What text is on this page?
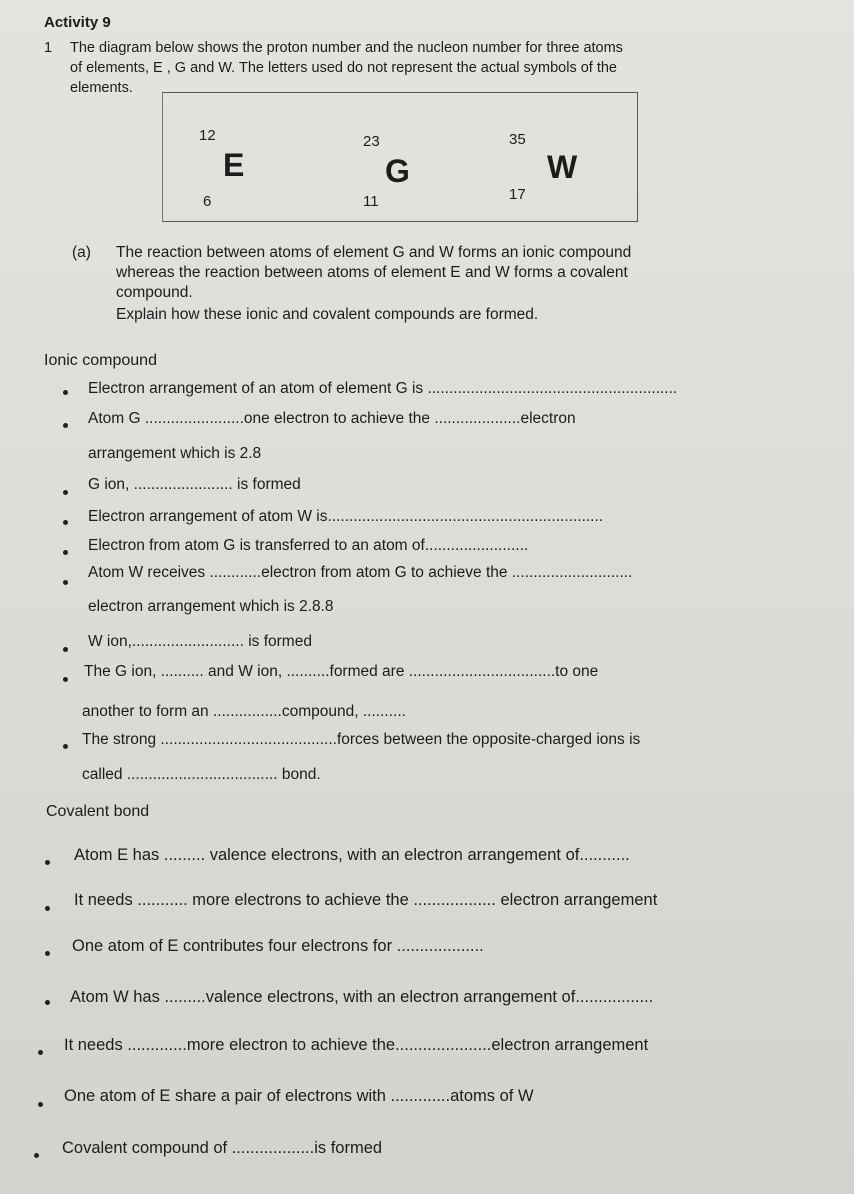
Activity 9
1 The diagram below shows the proton number and the nucleon number for three atoms
of elements, E , G and W. The letters used do not represent the actual symbols of the
elements.
12
E
6
23
G
11
35
W
17
(a) The reaction between atoms of element G and W forms an ionic compound
whereas the reaction between atoms of element E and W forms a covalent
compound.
Explain how these ionic and covalent compounds are formed.
Ionic compound
Electron arrangement of an atom of element G is ..........................................................
Atom G .......................one electron to achieve the ....................electron
arrangement which is 2.8
G ion, ....................... is formed
Electron arrangement of atom W is................................................................
Electron from atom G is transferred to an atom of........................
Atom W receives ............electron from atom G to achieve the ............................
electron arrangement which is 2.8.8
W ion,.......................... is formed
The G ion, .......... and W ion, ..........formed are ..................................to one
another to form an ................compound, ..........
The strong .........................................forces between the opposite-charged ions is
called ................................... bond.
Covalent bond
Atom E has ......... valence electrons, with an electron arrangement of...........
It needs ........... more electrons to achieve the .................. electron arrangement
One atom of E contributes four electrons for ...................
Atom W has .........valence electrons, with an electron arrangement of.................
It needs .............more electron to achieve the.....................electron arrangement
One atom of E share a pair of electrons with .............atoms of W
Covalent compound of ..................is formed
